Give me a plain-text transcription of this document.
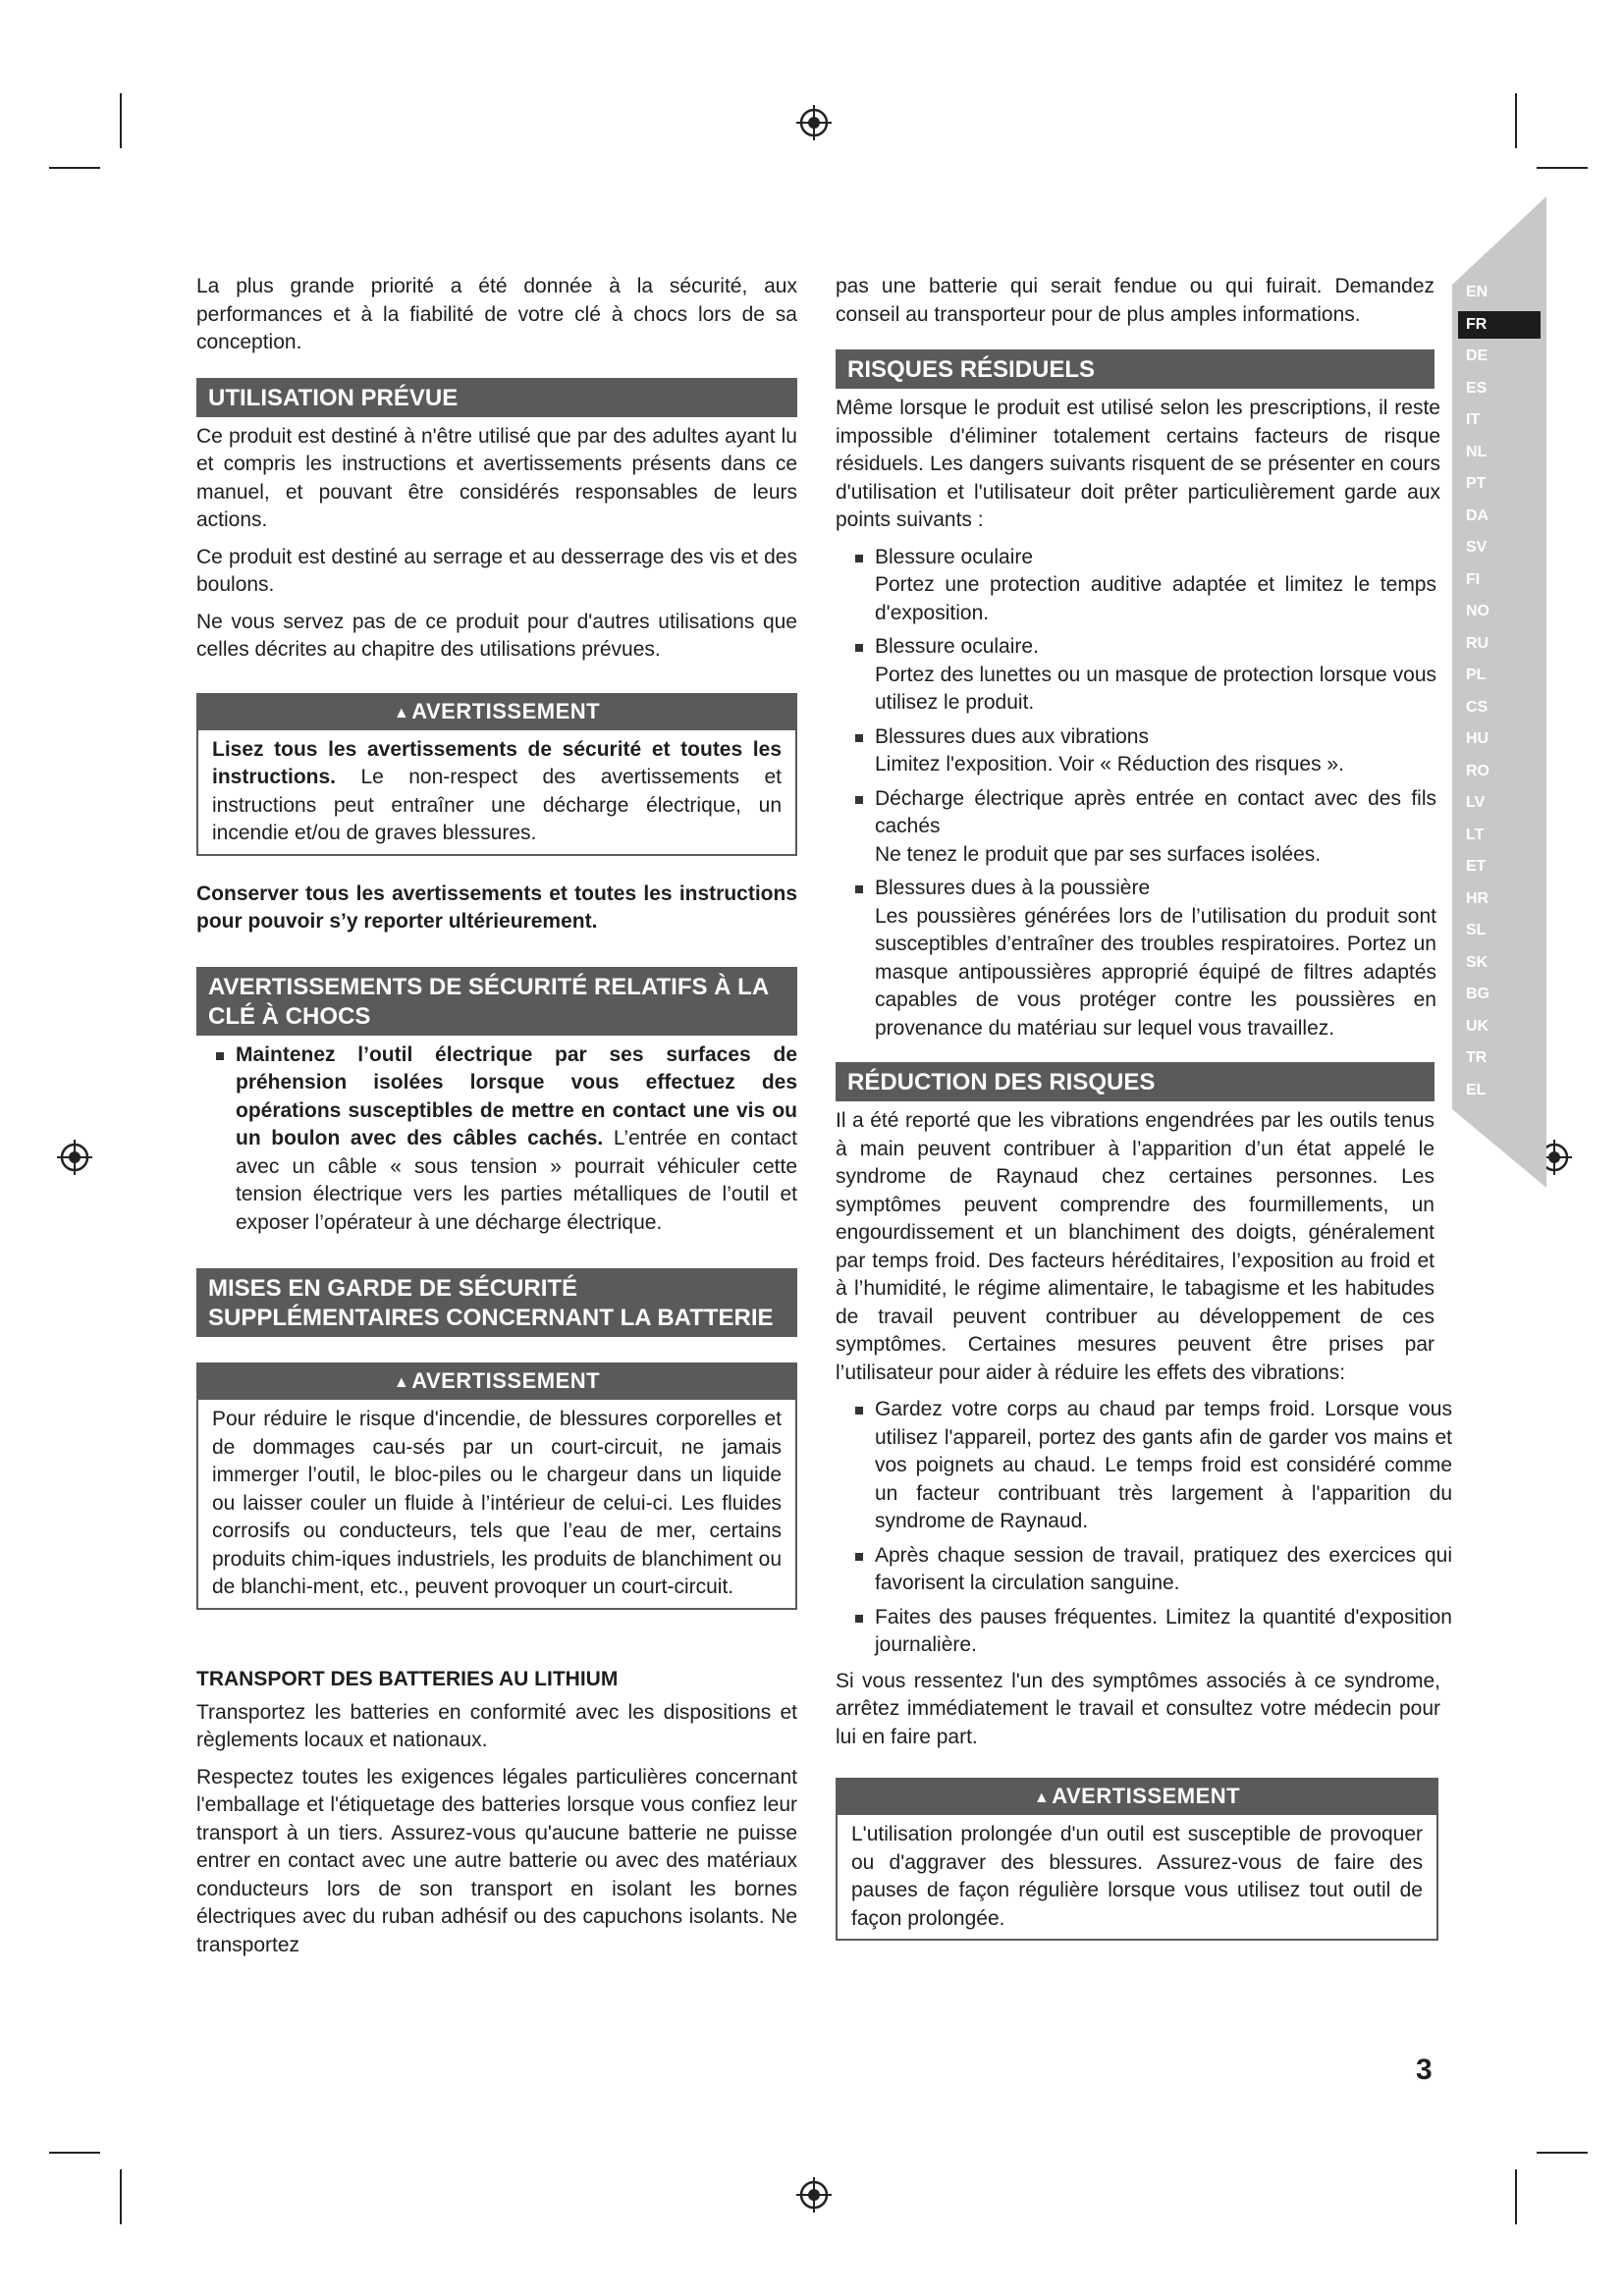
EN
FR
DE
ES
IT
NL
PT
DA
SV
FI
NO
RU
PL
CS
HU
RO
LV
LT
ET
HR
SL
SK
BG
UK
TR
EL

La plus grande priorité a été donnée à la sécurité, aux performances et à la fiabilité de votre clé à chocs lors de sa conception.

UTILISATION PRÉVUE

Ce produit est destiné à n'être utilisé que par des adultes ayant lu et compris les instructions et avertissements présents dans ce manuel, et pouvant être considérés responsables de leurs actions.

Ce produit est destiné au serrage et au desserrage des vis et des boulons.

Ne vous servez pas de ce produit pour d'autres utilisations que celles décrites au chapitre des utilisations prévues.

▲AVERTISSEMENT

Lisez tous les avertissements de sécurité et toutes les instructions. Le non-respect des avertissements et instructions peut entraîner une décharge électrique, un incendie et/ou de graves blessures.

Conserver tous les avertissements et toutes les instructions pour pouvoir s’y reporter ultérieurement.

AVERTISSEMENTS DE SÉCURITÉ RELATIFS À LA CLÉ À CHOCS
Maintenez l’outil électrique par ses surfaces de préhension isolées lorsque vous effectuez des opérations susceptibles de mettre en contact une vis ou un boulon avec des câbles cachés. L’entrée en contact avec un câble « sous tension » pourrait véhiculer cette tension électrique vers les parties métalliques de l’outil et exposer l’opérateur à une décharge électrique.
MISES EN GARDE DE SÉCURITÉ SUPPLÉMENTAIRES CONCERNANT LA BATTERIE
▲AVERTISSEMENT

Pour réduire le risque d'incendie, de blessures corporelles et de dommages cau-sés par un court-circuit, ne jamais immerger l’outil, le bloc-piles ou le chargeur dans un liquide ou laisser couler un fluide à l’intérieur de celui-ci. Les fluides corrosifs ou conducteurs, tels que l’eau de mer, certains produits chim-iques industriels, les produits de blanchiment ou de blanchi-ment, etc., peuvent provoquer un court-circuit.

TRANSPORT DES BATTERIES AU LITHIUM

Transportez les batteries en conformité avec les dispositions et règlements locaux et nationaux.

Respectez toutes les exigences légales particulières concernant l'emballage et l'étiquetage des batteries lorsque vous confiez leur transport à un tiers. Assurez-vous qu'aucune batterie ne puisse entrer en contact avec une autre batterie ou avec des matériaux conducteurs lors de son transport en isolant les bornes électriques avec du ruban adhésif ou des capuchons isolants. Ne transportez

pas une batterie qui serait fendue ou qui fuirait. Demandez conseil au transporteur pour de plus amples informations.

RISQUES RÉSIDUELS

Même lorsque le produit est utilisé selon les prescriptions, il reste impossible d'éliminer totalement certains facteurs de risque résiduels. Les dangers suivants risquent de se présenter en cours d'utilisation et l'utilisateur doit prêter particulièrement garde aux points suivants :

Blessure oculaire
Portez une protection auditive adaptée et limitez le temps d'exposition.
Blessure oculaire.
Portez des lunettes ou un masque de protection lorsque vous utilisez le produit.
Blessures dues aux vibrations
Limitez l'exposition. Voir « Réduction des risques ».
Décharge électrique après entrée en contact avec des fils cachés
Ne tenez le produit que par ses surfaces isolées.
Blessures dues à la poussière
Les poussières générées lors de l’utilisation du produit sont susceptibles d’entraîner des troubles respiratoires. Portez un masque antipoussières approprié équipé de filtres adaptés capables de vous protéger contre les poussières en provenance du matériau sur lequel vous travaillez.
RÉDUCTION DES RISQUES

Il a été reporté que les vibrations engendrées par les outils tenus à main peuvent contribuer à l’apparition d’un état appelé le syndrome de Raynaud chez certaines personnes. Les symptômes peuvent comprendre des fourmillements, un engourdissement et un blanchiment des doigts, généralement par temps froid. Des facteurs héréditaires, l’exposition au froid et à l’humidité, le régime alimentaire, le tabagisme et les habitudes de travail peuvent contribuer au développement de ces symptômes. Certaines mesures peuvent être prises par l’utilisateur pour aider à réduire les effets des vibrations:

Gardez votre corps au chaud par temps froid. Lorsque vous utilisez l'appareil, portez des gants afin de garder vos mains et vos poignets au chaud. Le temps froid est considéré comme un facteur contribuant très largement à l'apparition du syndrome de Raynaud.
Après chaque session de travail, pratiquez des exercices qui favorisent la circulation sanguine.
Faites des pauses fréquentes. Limitez la quantité d'exposition journalière.

Si vous ressentez l'un des symptômes associés à ce syndrome, arrêtez immédiatement le travail et consultez votre médecin pour lui en faire part.

▲AVERTISSEMENT

L'utilisation prolongée d'un outil est susceptible de provoquer ou d'aggraver des blessures. Assurez-vous de faire des pauses de façon régulière lorsque vous utilisez tout outil de façon prolongée.

3
